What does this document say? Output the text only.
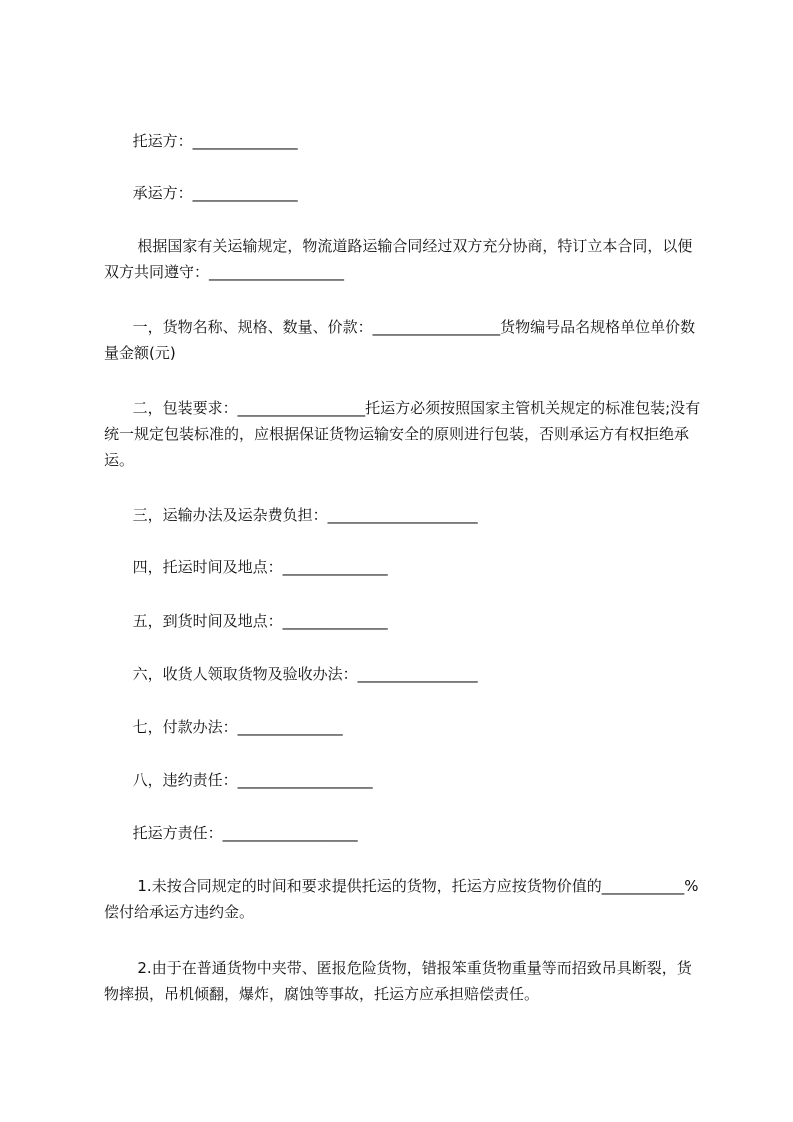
托运方：______________

承运方：______________

根据国家有关运输规定，物流道路运输合同经过双方充分协商，特订立本合同，以便双方共同遵守：__________________

一，货物名称、规格、数量、价款：_________________货物编号品名规格单位单价数量金额(元)

二，包装要求：_________________托运方必须按照国家主管机关规定的标准包装;没有统一规定包装标准的，应根据保证货物运输安全的原则进行包装，否则承运方有权拒绝承运。

三，运输办法及运杂费负担：____________________

四，托运时间及地点：______________

五，到货时间及地点：______________

六，收货人领取货物及验收办法：________________

七，付款办法：______________

八，违约责任：__________________

托运方责任：__________________

1.未按合同规定的时间和要求提供托运的货物，托运方应按货物价值的___________%偿付给承运方违约金。

2.由于在普通货物中夹带、匿报危险货物，错报笨重货物重量等而招致吊具断裂，货物摔损，吊机倾翻，爆炸，腐蚀等事故，托运方应承担赔偿责任。
